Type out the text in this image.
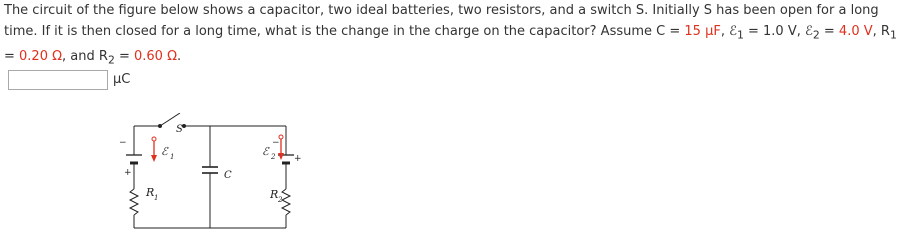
The circuit of the figure below shows a capacitor, two ideal batteries, two resistors, and a switch S. Initially S has been open for a long time. If it is then closed for a long time, what is the change in the charge on the capacitor? Assume C = 15 μF, ℰ$_1$ = 1.0 V, ℰ$_2$ = 4.0 V, $R_1 = 0.20$ Ω, and $R_2 = 0.60$ Ω.
μC
S
ℰ 1	ℰ 2
C
R 1	R 2
−
+
−
+
